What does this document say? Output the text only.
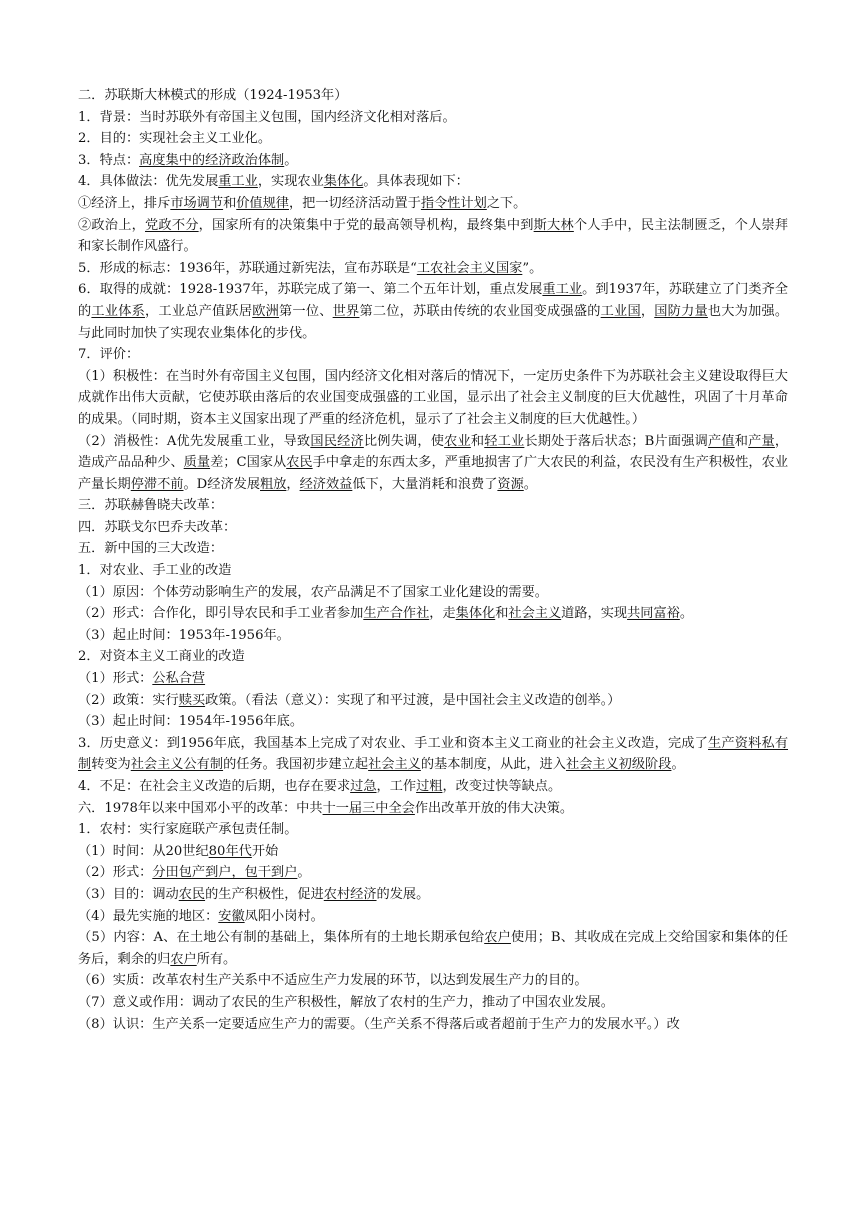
二．苏联斯大林模式的形成（1924-1953年）
1．背景：当时苏联外有帝国主义包围，国内经济文化相对落后。
2．目的：实现社会主义工业化。
3．特点：高度集中的经济政治体制。
4．具体做法：优先发展重工业，实现农业集体化。具体表现如下：
①经济上，排斥市场调节和价值规律，把一切经济活动置于指令性计划之下。
②政治上，党政不分，国家所有的决策集中于党的最高领导机构，最终集中到斯大林个人手中，民主法制匮乏，个人崇拜和家长制作风盛行。
5．形成的标志：1936年，苏联通过新宪法，宣布苏联是“工农社会主义国家”。
6．取得的成就：1928-1937年，苏联完成了第一、第二个五年计划，重点发展重工业。到1937年，苏联建立了门类齐全的工业体系，工业总产值跃居欧洲第一位、世界第二位，苏联由传统的农业国变成强盛的工业国，国防力量也大为加强。与此同时加快了实现农业集体化的步伐。
7．评价：
（1）积极性：在当时外有帝国主义包围，国内经济文化相对落后的情况下，一定历史条件下为苏联社会主义建设取得巨大成就作出伟大贡献，它使苏联由落后的农业国变成强盛的工业国，显示出了社会主义制度的巨大优越性，巩固了十月革命的成果。（同时期，资本主义国家出现了严重的经济危机，显示了了社会主义制度的巨大优越性。）
（2）消极性：A优先发展重工业，导致国民经济比例失调，使农业和轻工业长期处于落后状态；B片面强调产值和产量，造成产品品种少、质量差；C国家从农民手中拿走的东西太多，严重地损害了广大农民的利益，农民没有生产积极性，农业产量长期停滞不前。D经济发展粗放，经济效益低下，大量消耗和浪费了资源。
三．苏联赫鲁晓夫改革：
四．苏联戈尔巴乔夫改革：
五．新中国的三大改造：
1．对农业、手工业的改造
（1）原因：个体劳动影响生产的发展，农产品满足不了国家工业化建设的需要。
（2）形式：合作化，即引导农民和手工业者参加生产合作社，走集体化和社会主义道路，实现共同富裕。
（3）起止时间：1953年-1956年。
2．对资本主义工商业的改造
（1）形式：公私合营
（2）政策：实行赎买政策。（看法（意义）：实现了和平过渡，是中国社会主义改造的创举。）
（3）起止时间：1954年-1956年底。
3．历史意义：到1956年底，我国基本上完成了对农业、手工业和资本主义工商业的社会主义改造，完成了生产资料私有制转变为社会主义公有制的任务。我国初步建立起社会主义的基本制度，从此，进入社会主义初级阶段。
4．不足：在社会主义改造的后期，也存在要求过急，工作过粗，改变过快等缺点。
六．1978年以来中国邓小平的改革：中共十一届三中全会作出改革开放的伟大决策。
1．农村：实行家庭联产承包责任制。
（1）时间：从20世纪80年代开始
（2）形式：分田包产到户，包干到户。
（3）目的：调动农民的生产积极性，促进农村经济的发展。
（4）最先实施的地区：安徽凤阳小岗村。
（5）内容：A、在土地公有制的基础上，集体所有的土地长期承包给农户使用；B、其收成在完成上交给国家和集体的任务后，剩余的归农户所有。
（6）实质：改革农村生产关系中不适应生产力发展的环节，以达到发展生产力的目的。
（7）意义或作用：调动了农民的生产积极性，解放了农村的生产力，推动了中国农业发展。
（8）认识：生产关系一定要适应生产力的需要。（生产关系不得落后或者超前于生产力的发展水平。）改
